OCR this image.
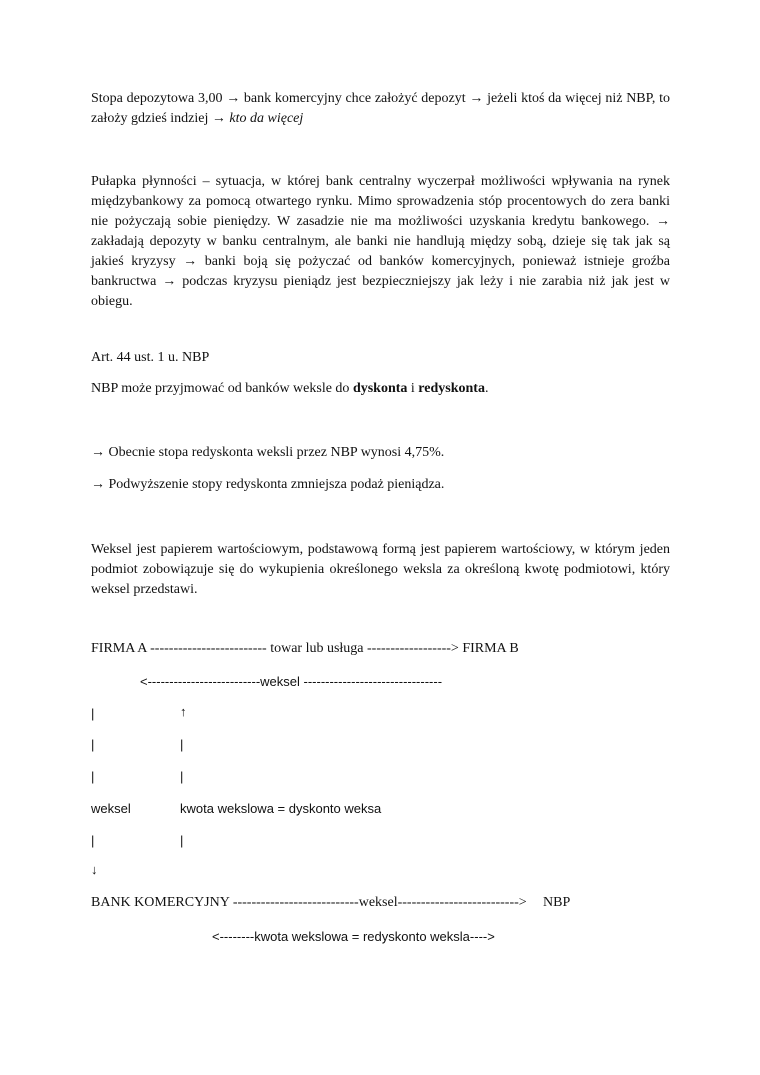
Stopa depozytowa 3,00 → bank komercyjny chce założyć depozyt → jeżeli ktoś da więcej niż NBP, to założy gdzieś indziej → kto da więcej
Pułapka płynności – sytuacja, w której bank centralny wyczerpał możliwości wpływania na rynek międzybankowy za pomocą otwartego rynku. Mimo sprowadzenia stóp procentowych do zera banki nie pożyczają sobie pieniędzy. W zasadzie nie ma możliwości uzyskania kredytu bankowego. → zakładają depozyty w banku centralnym, ale banki nie handlują między sobą, dzieje się tak jak są jakieś kryzysy → banki boją się pożyczać od banków komercyjnych, ponieważ istnieje groźba bankructwa → podczas kryzysu pieniądz jest bezpieczniejszy jak leży i nie zarabia niż jak jest w obiegu.
Art. 44 ust. 1 u. NBP
NBP może przyjmować od banków weksle do dyskonta i redyskonta.
→ Obecnie stopa redyskonta weksli przez NBP wynosi 4,75%.
→ Podwyższenie stopy redyskonta zmniejsza podaż pieniądza.
Weksel jest papierem wartościowym, podstawową formą jest papierem wartościowy, w którym jeden podmiot zobowiązuje się do wykupienia określonego weksla za określoną kwotę podmiotowi, który weksel przedstawi.
FIRMA A ------------------------- towar lub usługa ------------------> FIRMA B
<--------------------------weksel --------------------------------
|	↑
|	|
|	|
weksel	kwota wekslowa = dyskonto weksa
|	|
↓
BANK KOMERCYJNY ---------------------------weksel--------------------------> NBP
<--------kwota wekslowa = redyskonto weksla---->
